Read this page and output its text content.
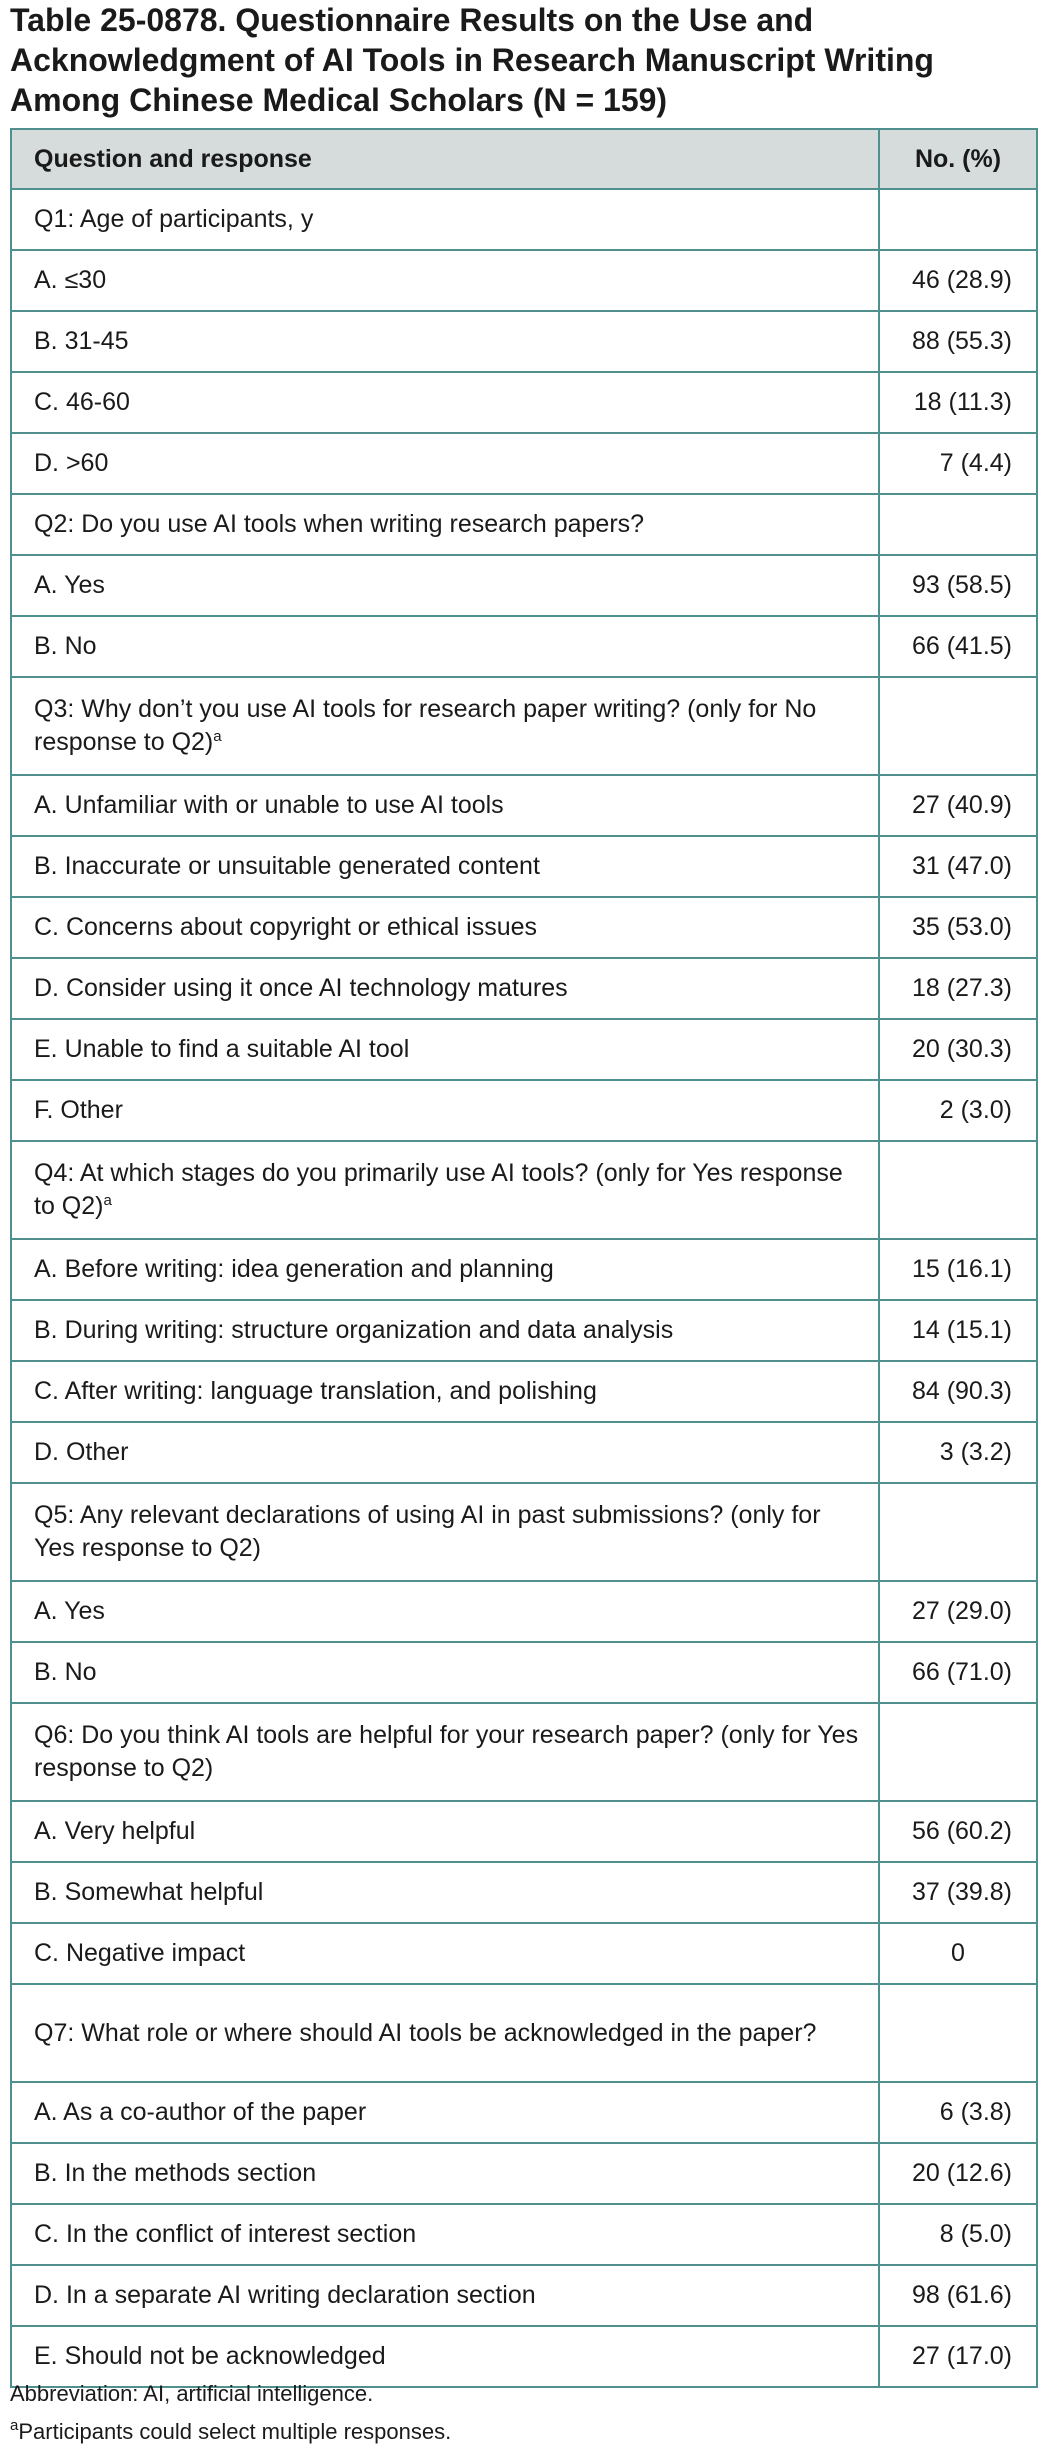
Table 25-0878. Questionnaire Results on the Use and Acknowledgment of AI Tools in Research Manuscript Writing Among Chinese Medical Scholars (N = 159)
Question and response	No. (%)
Q1: Age of participants, y	
A. ≤30	46 (28.9)
B. 31-45	88 (55.3)
C. 46-60	18 (11.3)
D. >60	7 (4.4)
Q2: Do you use AI tools when writing research papers?	
A. Yes	93 (58.5)
B. No	66 (41.5)
Q3: Why don’t you use AI tools for research paper writing? (only for No response to Q2)$^a$	
A. Unfamiliar with or unable to use AI tools	27 (40.9)
B. Inaccurate or unsuitable generated content	31 (47.0)
C. Concerns about copyright or ethical issues	35 (53.0)
D. Consider using it once AI technology matures	18 (27.3)
E. Unable to find a suitable AI tool	20 (30.3)
F. Other	2 (3.0)
Q4: At which stages do you primarily use AI tools? (only for Yes response to Q2)$^a$	
A. Before writing: idea generation and planning	15 (16.1)
B. During writing: structure organization and data analysis	14 (15.1)
C. After writing: language translation, and polishing	84 (90.3)
D. Other	3 (3.2)
Q5: Any relevant declarations of using AI in past submissions? (only for Yes response to Q2)	
A. Yes	27 (29.0)
B. No	66 (71.0)
Q6: Do you think AI tools are helpful for your research paper? (only for Yes response to Q2)	
A. Very helpful	56 (60.2)
B. Somewhat helpful	37 (39.8)
C. Negative impact	0
Q7: What role or where should AI tools be acknowledged in the paper?	
A. As a co-author of the paper	6 (3.8)
B. In the methods section	20 (12.6)
C. In the conflict of interest section	8 (5.0)
D. In a separate AI writing declaration section	98 (61.6)
E. Should not be acknowledged	27 (17.0)
Abbreviation: AI, artificial intelligence.
$^a$Participants could select multiple responses.
